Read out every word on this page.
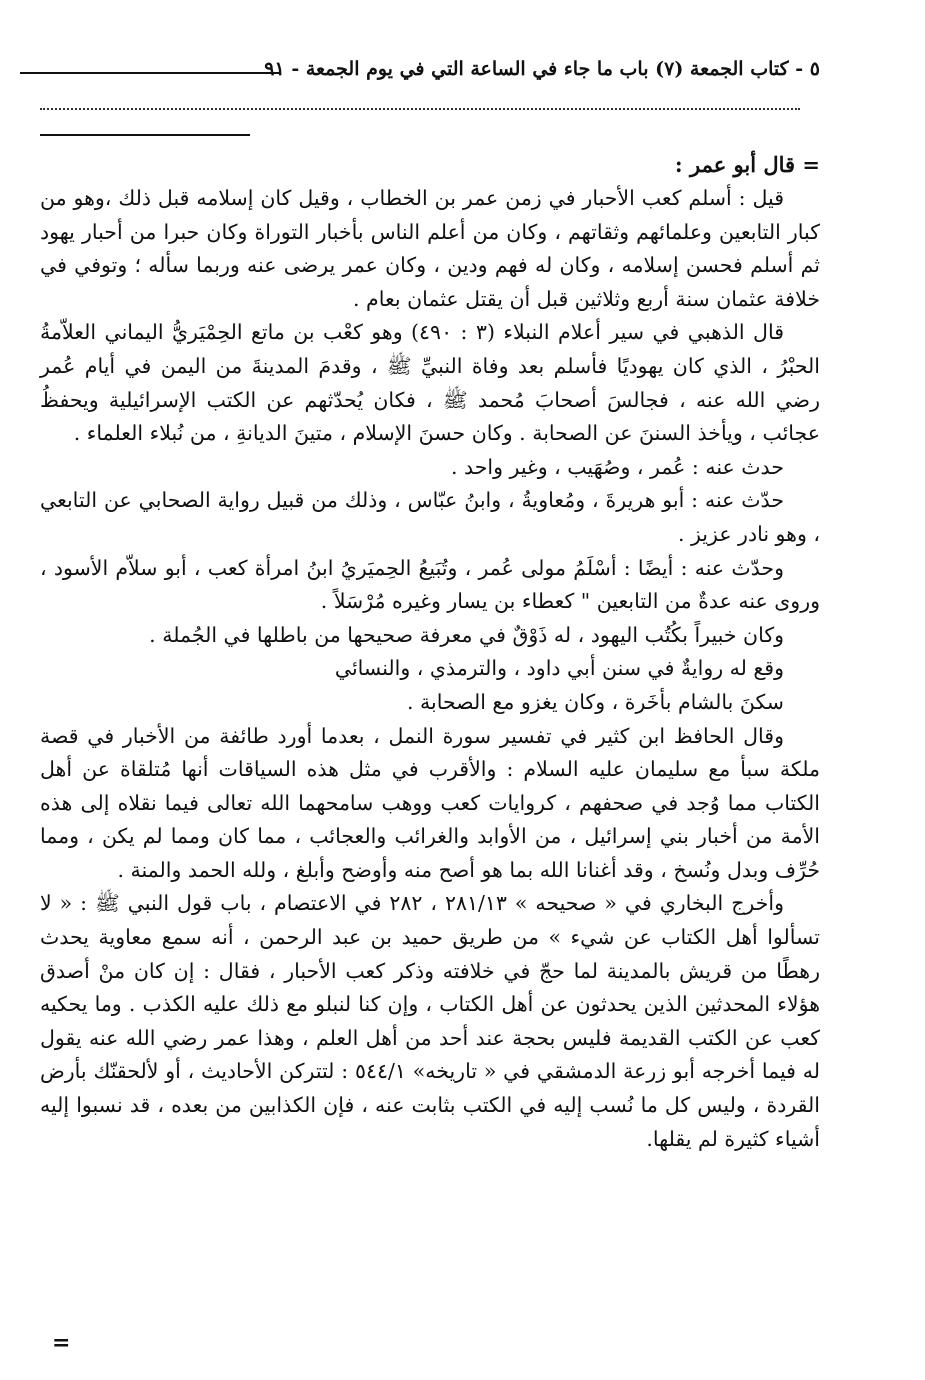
٥ - كتاب الجمعة (٧) باب ما جاء في الساعة التي في يوم الجمعة - ٩١
= قال أبو عمر :

قيل : أسلم كعب الأحبار في زمن عمر بن الخطاب ، وقيل كان إسلامه قبل ذلك ،وهو من كبار التابعين وعلمائهم وثقاتهم ، وكان من أعلم الناس بأخبار التوراة وكان حبرا من أحبار يهود ثم أسلم فحسن إسلامه ، وكان له فهم ودين ، وكان عمر يرضى عنه وربما سأله ؛ وتوفي في خلافة عثمان سنة أربع وثلاثين قبل أن يقتل عثمان بعام .

قال الذهبي في سير أعلام النبلاء (٣ : ٤٩٠) وهو كعْب بن ماتع الحِمْيَريُّ اليماني العلاّمةُ الحبْرُ ، الذي كان يهوديًا فأسلم بعد وفاة النبيِّ ﷺ ، وقدمَ المدينةَ من اليمن في أيام عُمر رضي الله عنه ، فجالسَ أصحابَ مُحمد ﷺ ، فكان يُحدّثهم عن الكتب الإسرائيلية ويحفظُ عجائب ، ويأخذ السننَ عن الصحابة . وكان حسنَ الإسلام ، متينَ الديانةِ ، من نُبلاء العلماء .

حدث عنه : عُمر ، وصُهَيب ، وغير واحد .

حدّث عنه : أبو هريرةَ ، ومُعاويةُ ، وابنُ عبّاس ، وذلك من قبيل رواية الصحابي عن التابعي ، وهو نادر عزيز .

وحدّث عنه : أيضًا : أسْلَمُ مولى عُمر ، وتُبَيعُ الحِميَريُ ابنُ امرأة كعب ، أبو سلاّم الأسود ، وروى عنه عدةٌ من التابعين " كعطاء بن يسار وغيره مُرْسَلاً .

وكان خبيراً بكُتُب اليهود ، له ذَوْقٌ في معرفة صحيحها من باطلها في الجُملة .

وقع له روايةٌ في سنن أبي داود ، والترمذي ، والنسائي

سكنَ بالشام بأخَرة ، وكان يغزو مع الصحابة .

وقال الحافظ ابن كثير في تفسير سورة النمل ، بعدما أورد طائفة من الأخبار في قصة ملكة سبأ مع سليمان عليه السلام : والأقرب في مثل هذه السياقات أنها مُتلقاة عن أهل الكتاب مما وُجد في صحفهم ، كروايات كعب ووهب سامحهما الله تعالى فيما نقلاه إلى هذه الأمة من أخبار بني إسرائيل ، من الأوابد والغرائب والعجائب ، مما كان ومما لم يكن ، ومما حُرِّف وبدل ونُسخ ، وقد أغنانا الله بما هو أصح منه وأوضح وأبلغ ، ولله الحمد والمنة .

وأخرج البخاري في « صحيحه » ٢٨١/١٣ ، ٢٨٢ في الاعتصام ، باب قول النبي ﷺ : « لا تسألوا أهل الكتاب عن شيء » من طريق حميد بن عبد الرحمن ، أنه سمع معاوية يحدث رهطًا من قريش بالمدينة لما حجّ في خلافته وذكر كعب الأحبار ، فقال : إن كان منْ أصدق هؤلاء المحدثين الذين يحدثون عن أهل الكتاب ، وإن كنا لنبلو مع ذلك عليه الكذب . وما يحكيه كعب عن الكتب القديمة فليس بحجة عند أحد من أهل العلم ، وهذا عمر رضي الله عنه يقول له فيما أخرجه أبو زرعة الدمشقي في « تاريخه» ٥٤٤/١ : لتتركن الأحاديث ، أو لألحقنّك بأرض القردة ، وليس كل ما نُسب إليه في الكتب بثابت عنه ، فإن الكذابين من بعده ، قد نسبوا إليه أشياء كثيرة لم يقلها.

=
